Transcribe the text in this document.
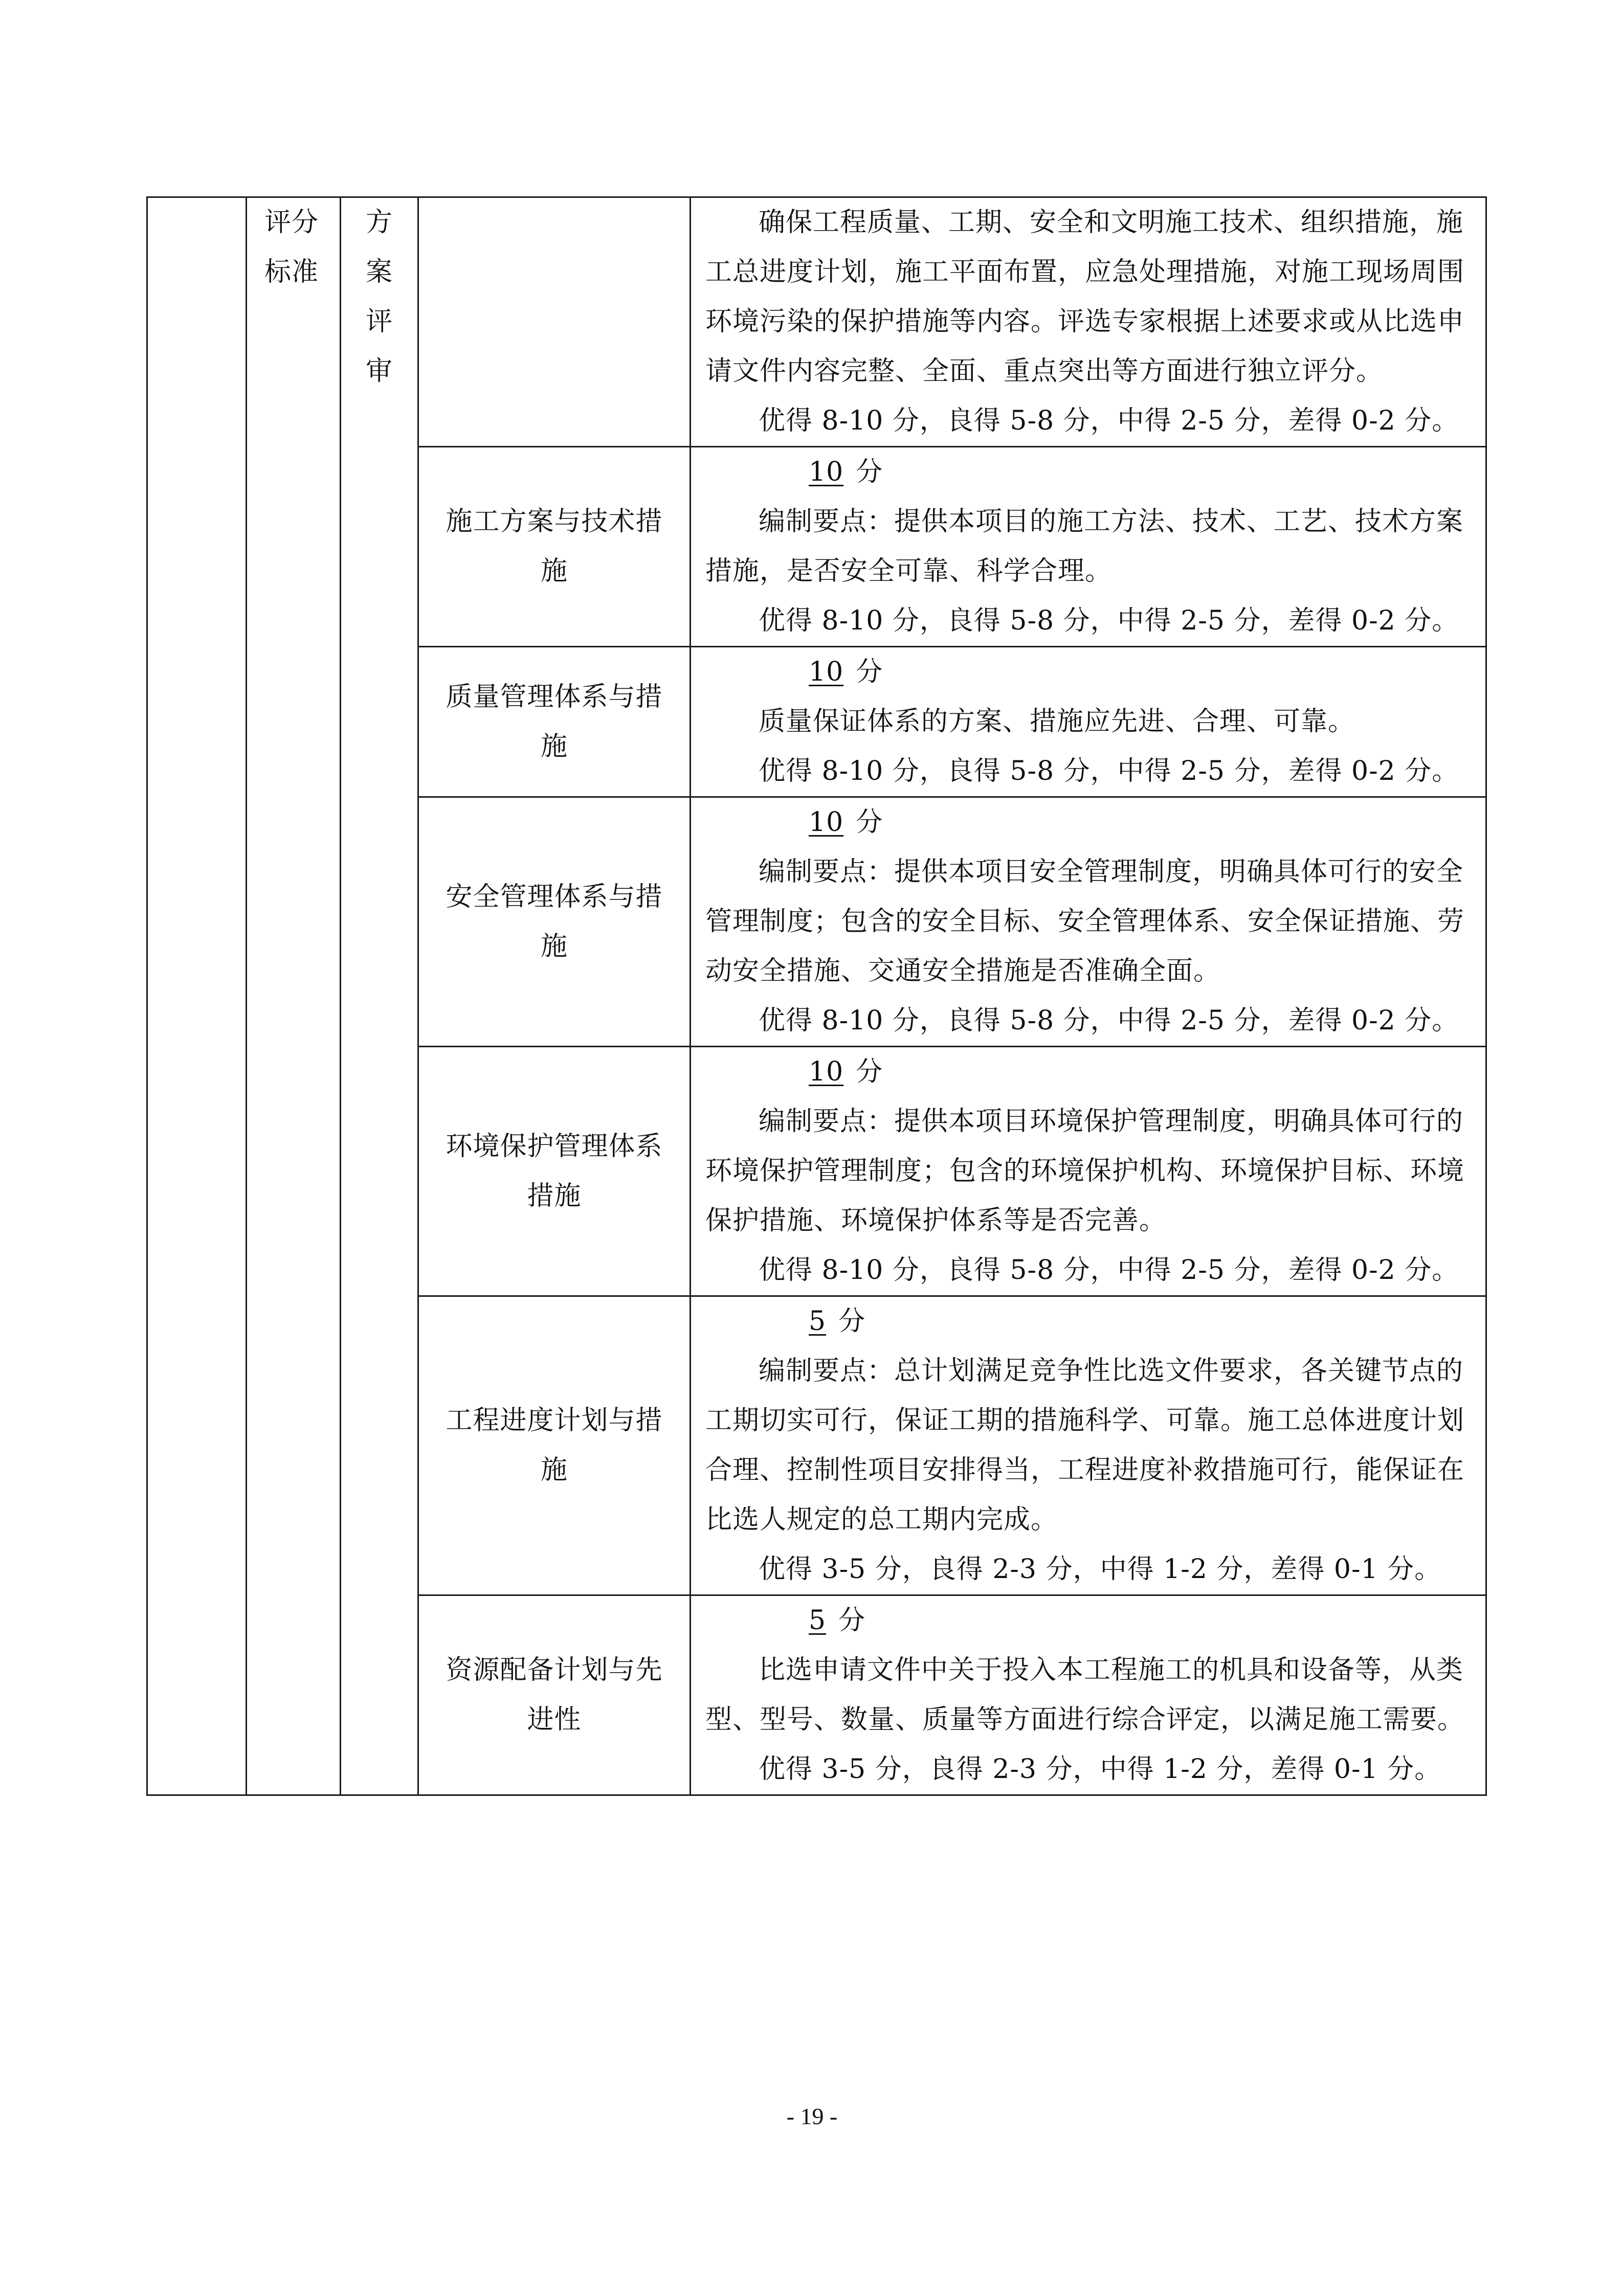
	评分标准	方案评审		确保工程质量、工期、安全和文明施工技术、组织措施，施工总进度计划，施工平面布置，应急处理措施，对施工现场周围环境污染的保护措施等内容。评选专家根据上述要求或从比选申请文件内容完整、全面、重点突出等方面进行独立评分。

优得 8-10 分，良得 5-8 分，中得 2-5 分，差得 0-2 分。

			施工方案与技术措施	10 分

编制要点：提供本项目的施工方法、技术、工艺、技术方案措施，是否安全可靠、科学合理。

优得 8-10 分，良得 5-8 分，中得 2-5 分，差得 0-2 分。

			质量管理体系与措施	10 分

质量保证体系的方案、措施应先进、合理、可靠。

优得 8-10 分，良得 5-8 分，中得 2-5 分，差得 0-2 分。

			安全管理体系与措施	10 分

编制要点：提供本项目安全管理制度，明确具体可行的安全管理制度；包含的安全目标、安全管理体系、安全保证措施、劳动安全措施、交通安全措施是否准确全面。

优得 8-10 分，良得 5-8 分，中得 2-5 分，差得 0-2 分。

			环境保护管理体系措施	10 分

编制要点：提供本项目环境保护管理制度，明确具体可行的环境保护管理制度；包含的环境保护机构、环境保护目标、环境保护措施、环境保护体系等是否完善。

优得 8-10 分，良得 5-8 分，中得 2-5 分，差得 0-2 分。

			工程进度计划与措施	5 分

编制要点：总计划满足竞争性比选文件要求，各关键节点的工期切实可行，保证工期的措施科学、可靠。施工总体进度计划合理、控制性项目安排得当，工程进度补救措施可行，能保证在比选人规定的总工期内完成。

优得 3-5 分，良得 2-3 分，中得 1-2 分，差得 0-1 分。

			资源配备计划与先进性	5 分

比选申请文件中关于投入本工程施工的机具和设备等，从类型、型号、数量、质量等方面进行综合评定，以满足施工需要。

优得 3-5 分，良得 2-3 分，中得 1-2 分，差得 0-1 分。

- 19 -
